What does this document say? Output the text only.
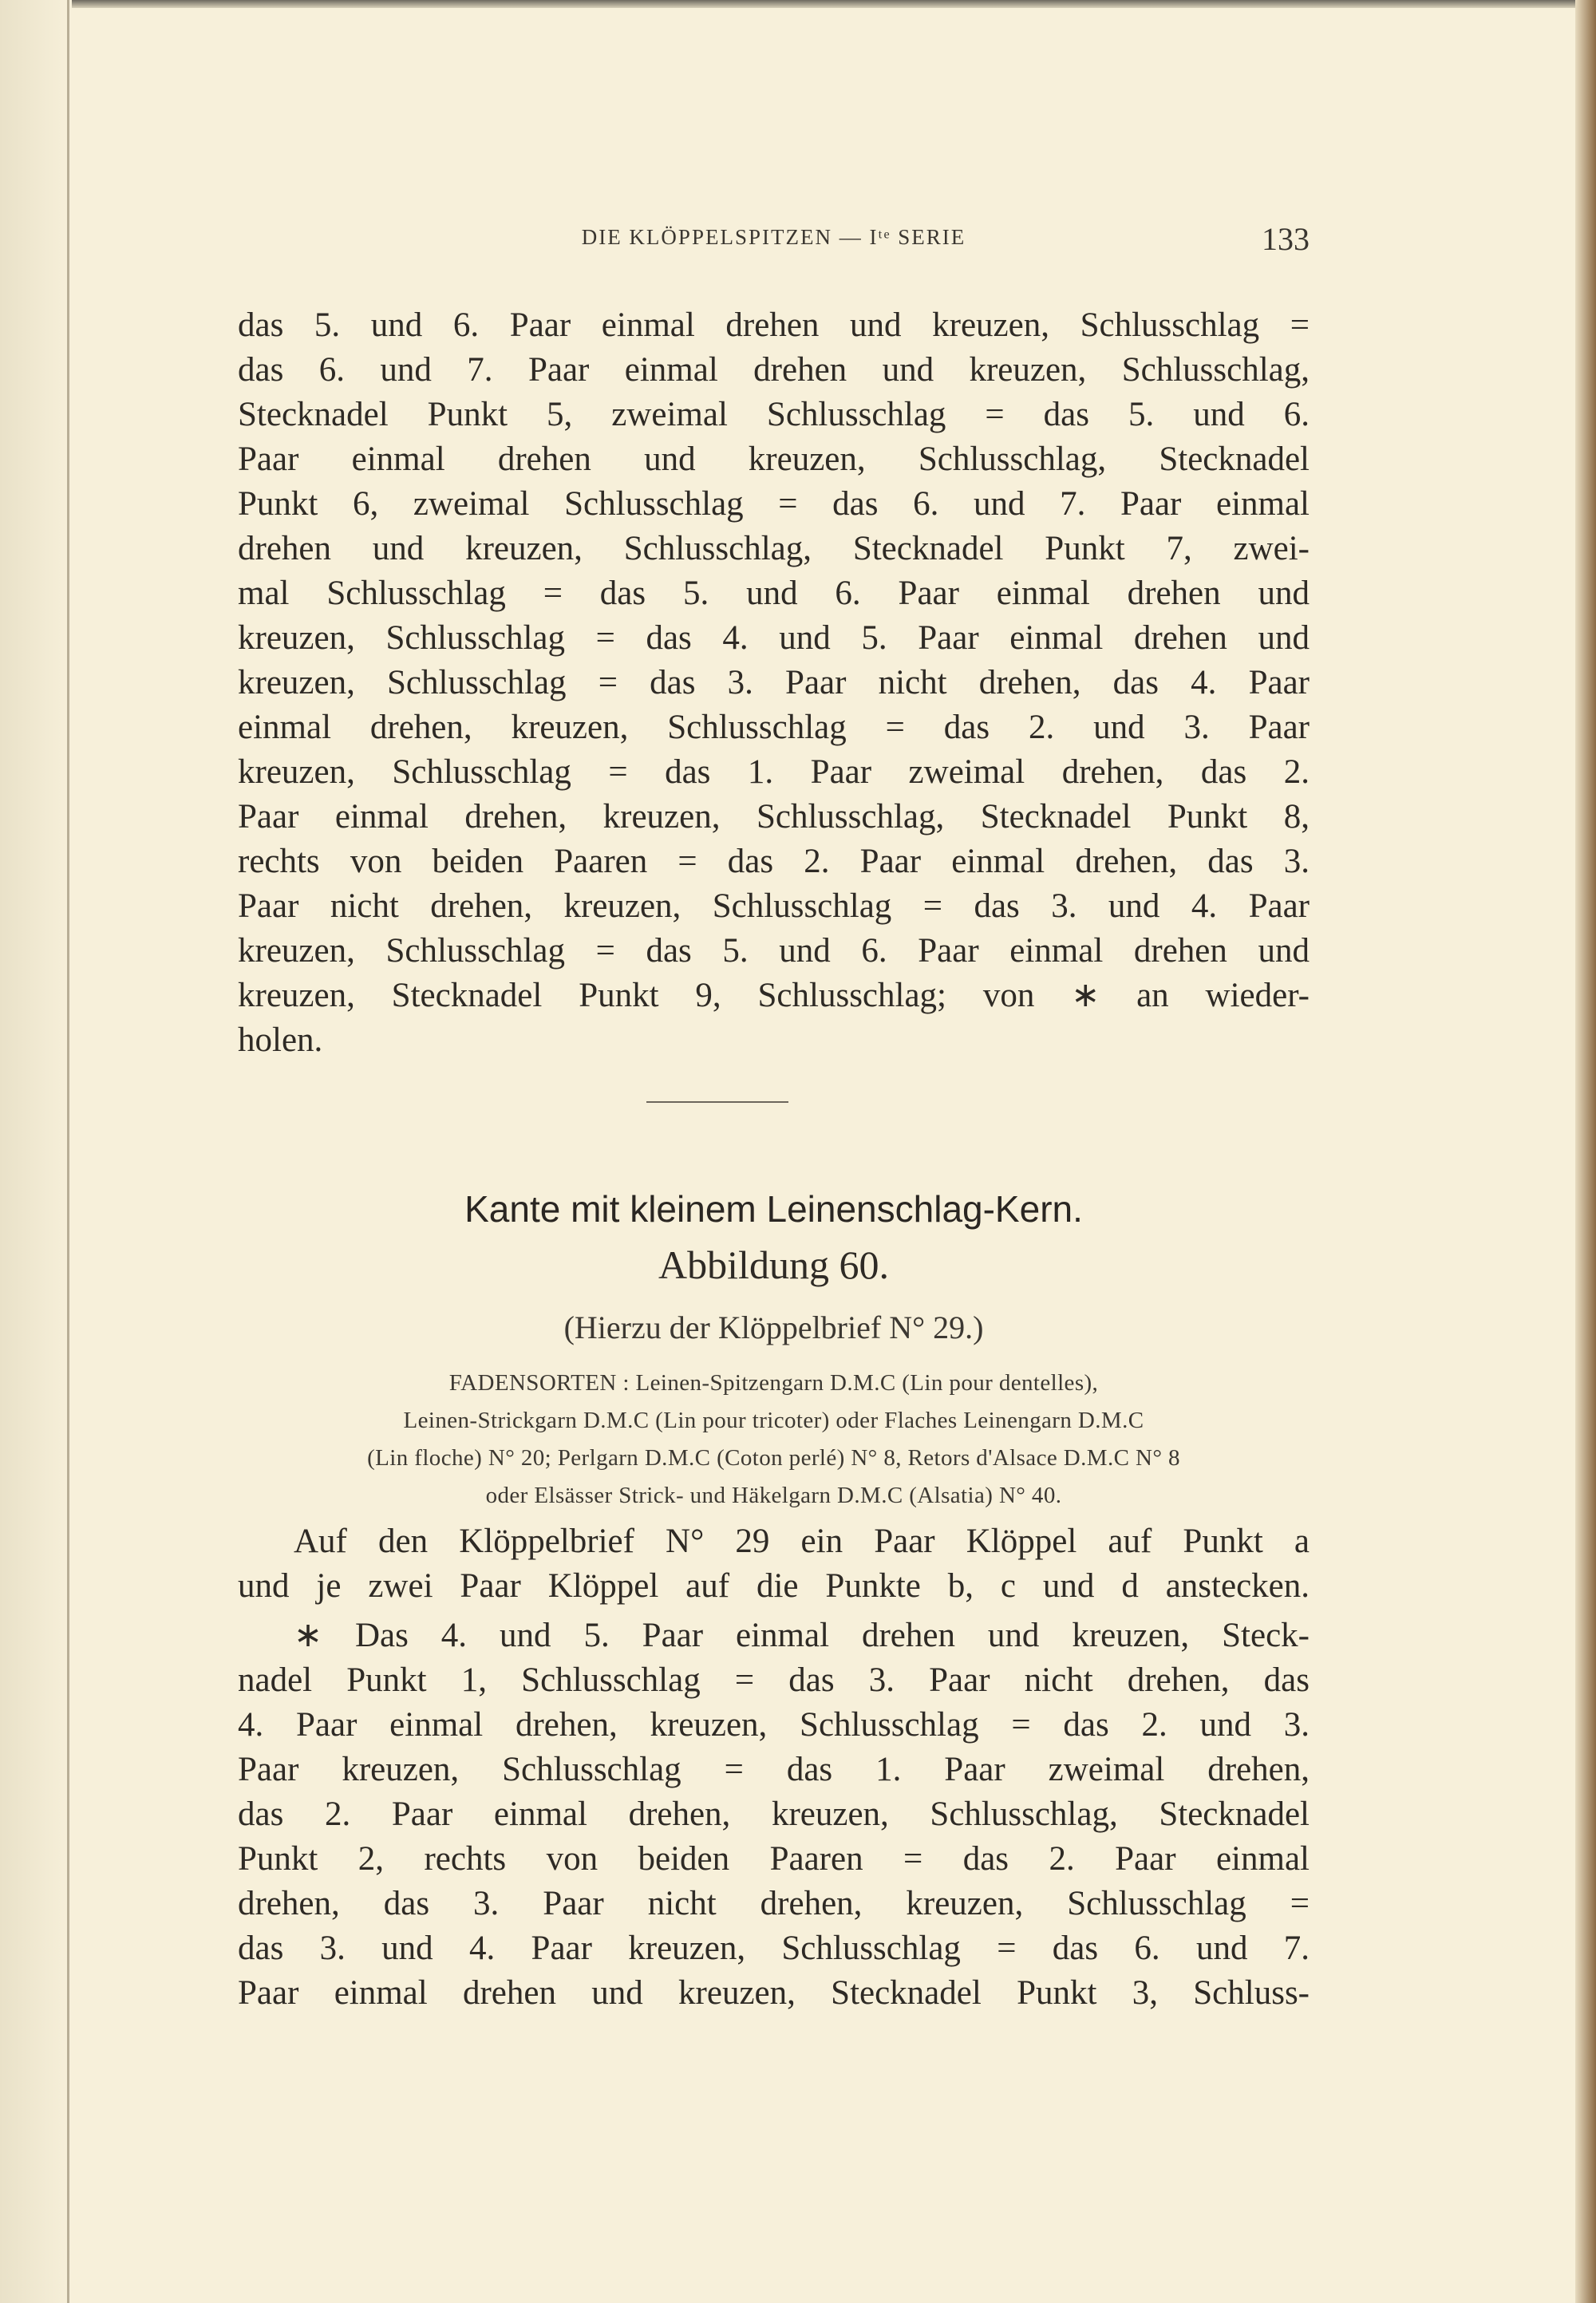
DIE KLÖPPELSPITZEN — Iᵗᵉ SERIE	133
das 5. und 6. Paar einmal drehen und kreuzen, Schlusschlag =
das 6. und 7. Paar einmal drehen und kreuzen, Schlusschlag,
Stecknadel Punkt 5, zweimal Schlusschlag = das 5. und 6.
Paar einmal drehen und kreuzen, Schlusschlag, Stecknadel
Punkt 6, zweimal Schlusschlag = das 6. und 7. Paar einmal
drehen und kreuzen, Schlusschlag, Stecknadel Punkt 7, zwei-
mal Schlusschlag = das 5. und 6. Paar einmal drehen und
kreuzen, Schlusschlag = das 4. und 5. Paar einmal drehen und
kreuzen, Schlusschlag = das 3. Paar nicht drehen, das 4. Paar
einmal drehen, kreuzen, Schlusschlag = das 2. und 3. Paar
kreuzen, Schlusschlag = das 1. Paar zweimal drehen, das 2.
Paar einmal drehen, kreuzen, Schlusschlag, Stecknadel Punkt 8,
rechts von beiden Paaren = das 2. Paar einmal drehen, das 3.
Paar nicht drehen, kreuzen, Schlusschlag = das 3. und 4. Paar
kreuzen, Schlusschlag = das 5. und 6. Paar einmal drehen und
kreuzen, Stecknadel Punkt 9, Schlusschlag; von ∗ an wieder-
holen.
Kante mit kleinem Leinenschlag-Kern.
Abbildung 60.
(Hierzu der Klöppelbrief N° 29.)
FADENSORTEN : Leinen-Spitzengarn D.M.C (Lin pour dentelles),
Leinen-Strickgarn D.M.C (Lin pour tricoter) oder Flaches Leinengarn D.M.C
(Lin floche) N° 20; Perlgarn D.M.C (Coton perlé) N° 8, Retors d'Alsace D.M.C N° 8
oder Elsässer Strick- und Häkelgarn D.M.C (Alsatia) N° 40.
Auf den Klöppelbrief N° 29 ein Paar Klöppel auf Punkt a
und je zwei Paar Klöppel auf die Punkte b, c und d anstecken.
∗ Das 4. und 5. Paar einmal drehen und kreuzen, Steck-
nadel Punkt 1, Schlusschlag = das 3. Paar nicht drehen, das
4. Paar einmal drehen, kreuzen, Schlusschlag = das 2. und 3.
Paar kreuzen, Schlusschlag = das 1. Paar zweimal drehen,
das 2. Paar einmal drehen, kreuzen, Schlusschlag, Stecknadel
Punkt 2, rechts von beiden Paaren = das 2. Paar einmal
drehen, das 3. Paar nicht drehen, kreuzen, Schlusschlag =
das 3. und 4. Paar kreuzen, Schlusschlag = das 6. und 7.
Paar einmal drehen und kreuzen, Stecknadel Punkt 3, Schluss-
